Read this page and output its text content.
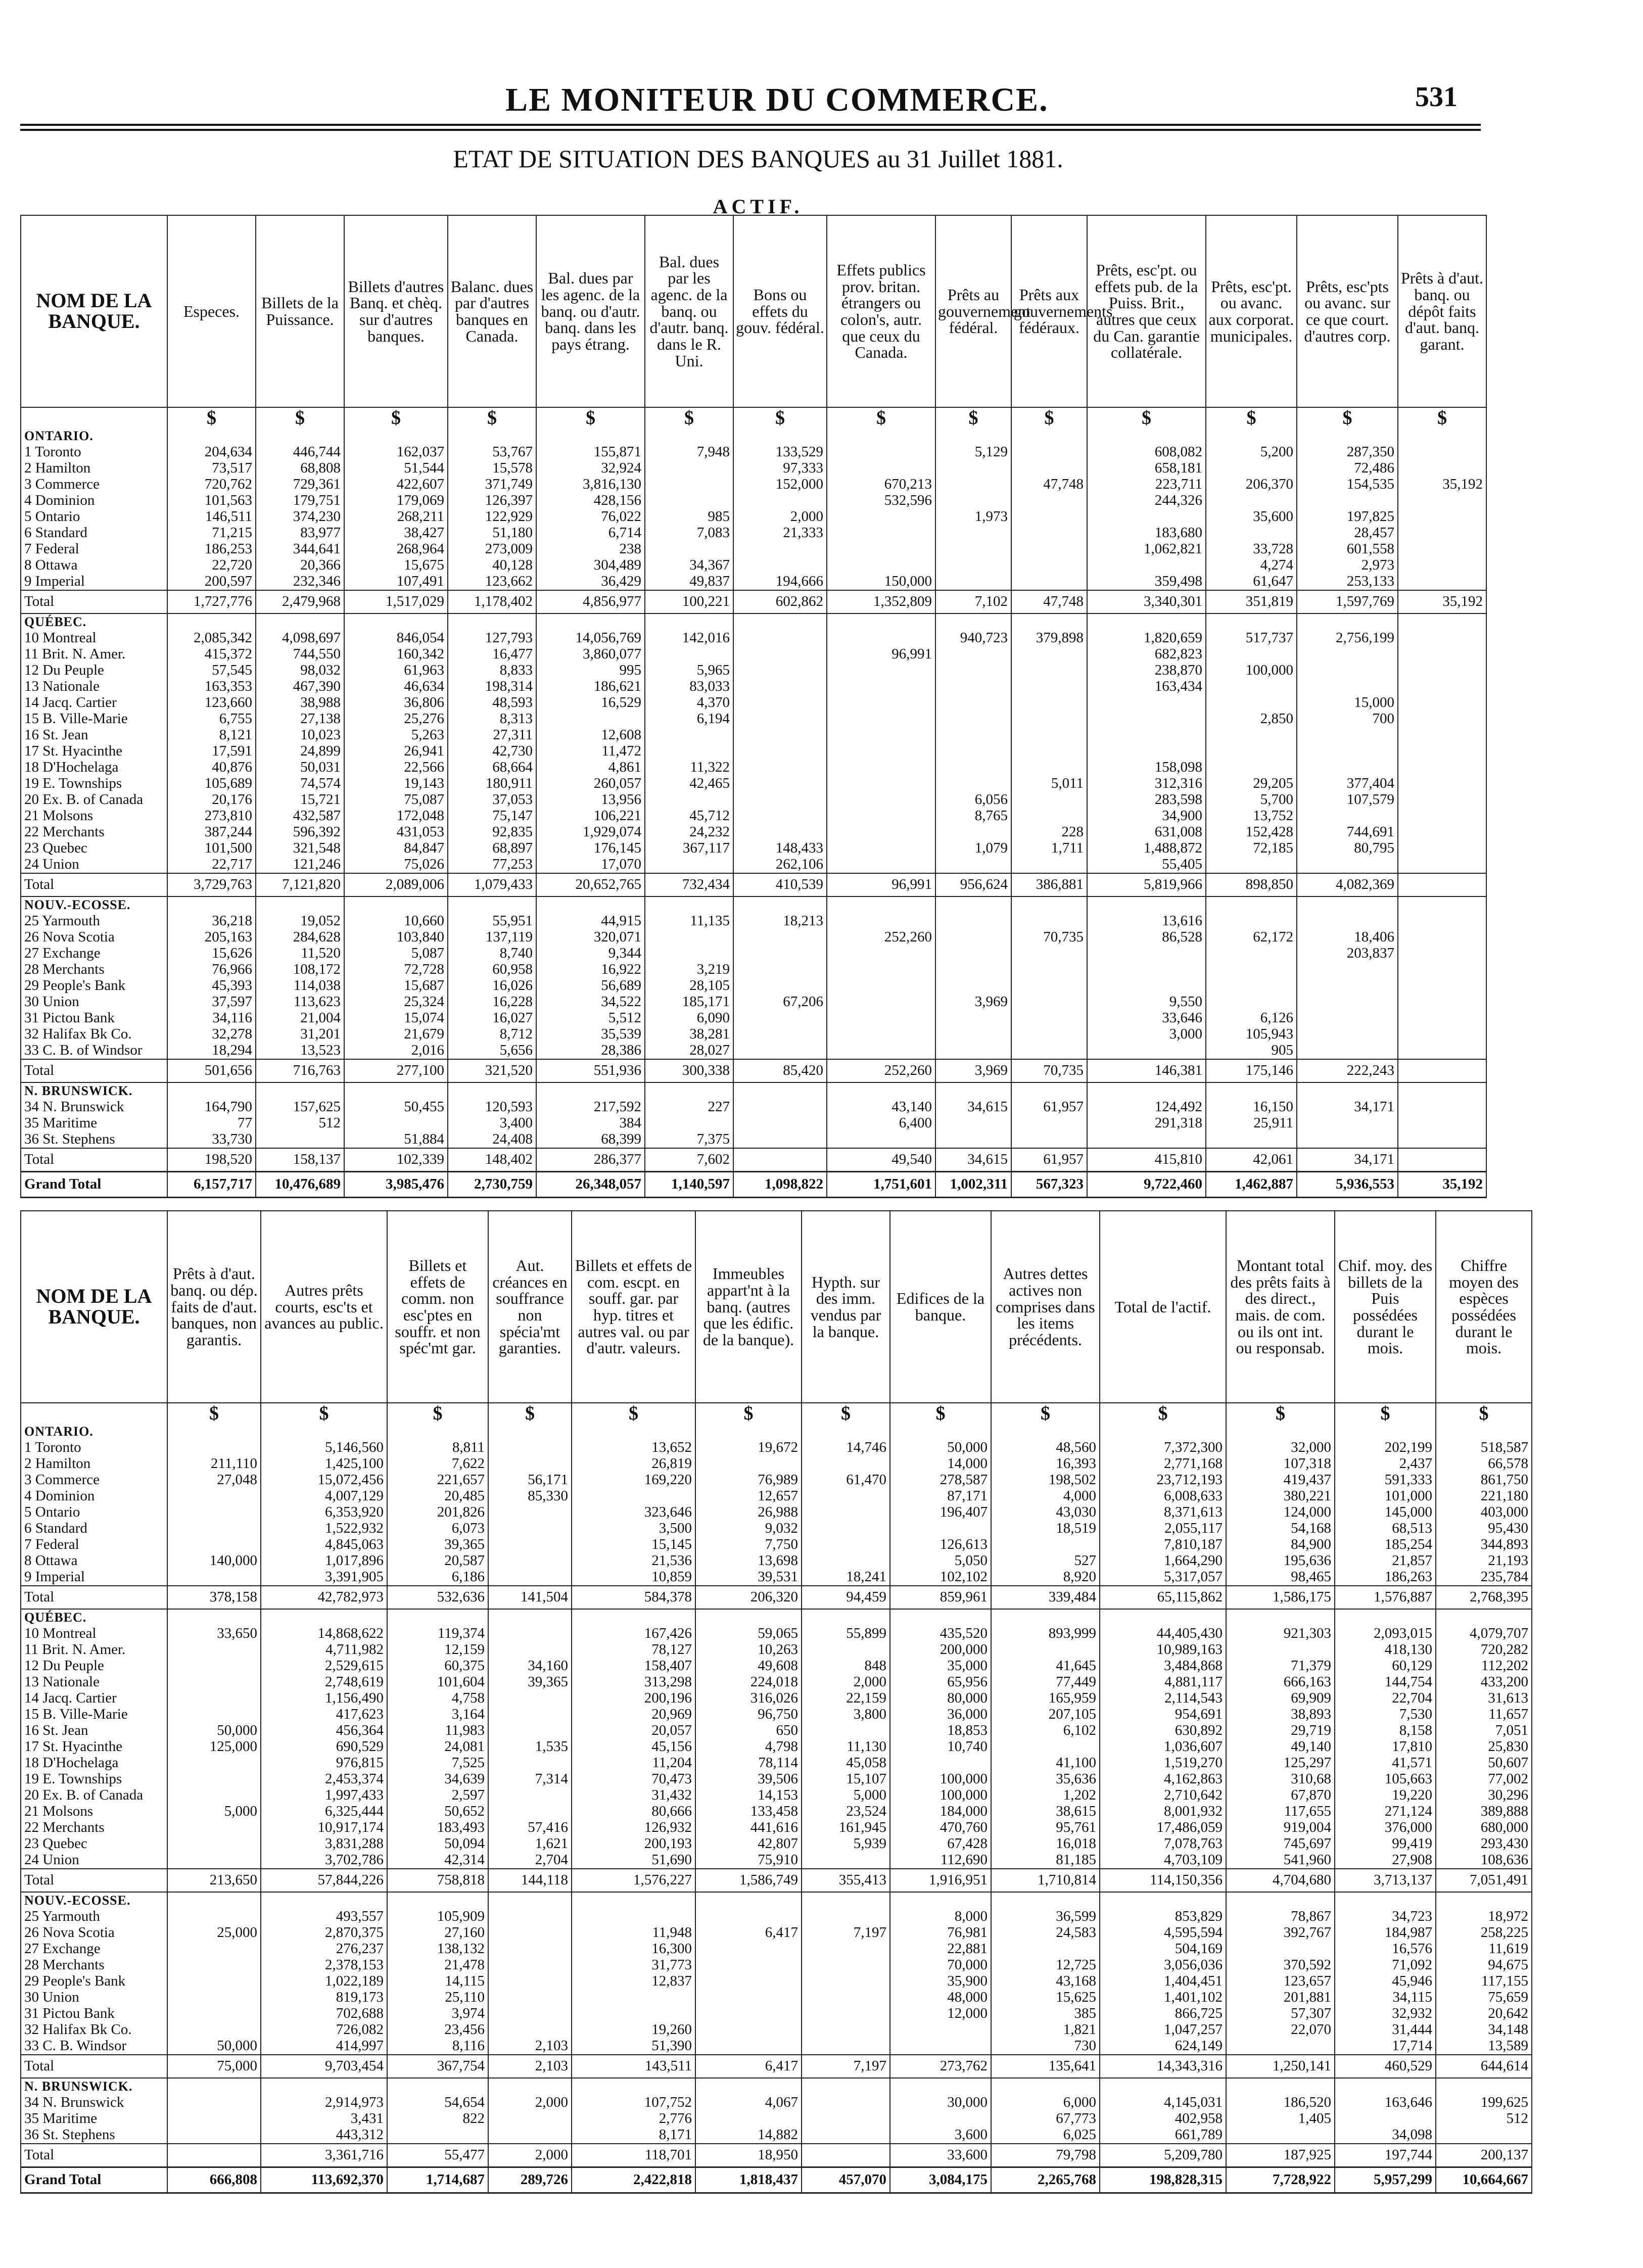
LE MONITEUR DU COMMERCE.	531
ETAT DE SITUATION DES BANQUES au 31 Juillet 1881.
ACTIF.
NOM DE LA BANQUE.	Especes.	Billets de la Puissance.	Billets d'autres Banq. et chèq. sur d'autres banques.	Balanc. dues par d'autres banques en Canada.	Bal. dues par les agenc. de la banq. ou d'autr. banq. dans les pays étrang.	Bal. dues par les agenc. de la banq. ou d'autr. banq. dans le R. Uni.	Bons ou effets du gouv. fédéral.	Effets publics prov. britan. étrangers ou colon's, autr. que ceux du Canada.	Prêts au gouvernement fédéral.	Prêts aux gouvernements fédéraux.	Prêts, esc'pt. ou effets pub. de la Puiss. Brit., autres que ceux du Can. garantie collatérale.	Prêts, esc'pt. ou avanc. aux corporat. municipales.	Prêts, esc'pts ou avanc. sur ce que court. d'autres corp.	Prêts à d'aut. banq. ou dépôt faits d'aut. banq. garant.
	$	$	$	$	$	$	$	$	$	$	$	$	$	$
ONTARIO.														
1 Toronto	204,634	446,744	162,037	53,767	155,871	7,948	133,529		5,129		608,082	5,200	287,350	
2 Hamilton	73,517	68,808	51,544	15,578	32,924		97,333				658,181		72,486	
3 Commerce	720,762	729,361	422,607	371,749	3,816,130		152,000	670,213		47,748	223,711	206,370	154,535	35,192
4 Dominion	101,563	179,751	179,069	126,397	428,156			532,596			244,326			
5 Ontario	146,511	374,230	268,211	122,929	76,022	985	2,000		1,973			35,600	197,825	
6 Standard	71,215	83,977	38,427	51,180	6,714	7,083	21,333				183,680		28,457	
7 Federal	186,253	344,641	268,964	273,009	238						1,062,821	33,728	601,558	
8 Ottawa	22,720	20,366	15,675	40,128	304,489	34,367						4,274	2,973	
9 Imperial	200,597	232,346	107,491	123,662	36,429	49,837	194,666	150,000			359,498	61,647	253,133	
Total	1,727,776	2,479,968	1,517,029	1,178,402	4,856,977	100,221	602,862	1,352,809	7,102	47,748	3,340,301	351,819	1,597,769	35,192
QUÉBEC.														
10 Montreal	2,085,342	4,098,697	846,054	127,793	14,056,769	142,016			940,723	379,898	1,820,659	517,737	2,756,199	
11 Brit. N. Amer.	415,372	744,550	160,342	16,477	3,860,077			96,991			682,823			
12 Du Peuple	57,545	98,032	61,963	8,833	995	5,965					238,870	100,000		
13 Nationale	163,353	467,390	46,634	198,314	186,621	83,033					163,434			
14 Jacq. Cartier	123,660	38,988	36,806	48,593	16,529	4,370							15,000	
15 B. Ville-Marie	6,755	27,138	25,276	8,313		6,194						2,850	700	
16 St. Jean	8,121	10,023	5,263	27,311	12,608									
17 St. Hyacinthe	17,591	24,899	26,941	42,730	11,472									
18 D'Hochelaga	40,876	50,031	22,566	68,664	4,861	11,322					158,098			
19 E. Townships	105,689	74,574	19,143	180,911	260,057	42,465				5,011	312,316	29,205	377,404	
20 Ex. B. of Canada	20,176	15,721	75,087	37,053	13,956				6,056		283,598	5,700	107,579	
21 Molsons	273,810	432,587	172,048	75,147	106,221	45,712			8,765		34,900	13,752		
22 Merchants	387,244	596,392	431,053	92,835	1,929,074	24,232				228	631,008	152,428	744,691	
23 Quebec	101,500	321,548	84,847	68,897	176,145	367,117	148,433		1,079	1,711	1,488,872	72,185	80,795	
24 Union	22,717	121,246	75,026	77,253	17,070		262,106				55,405			
Total	3,729,763	7,121,820	2,089,006	1,079,433	20,652,765	732,434	410,539	96,991	956,624	386,881	5,819,966	898,850	4,082,369	
NOUV.-ECOSSE.														
25 Yarmouth	36,218	19,052	10,660	55,951	44,915	11,135	18,213				13,616			
26 Nova Scotia	205,163	284,628	103,840	137,119	320,071			252,260		70,735	86,528	62,172	18,406	
27 Exchange	15,626	11,520	5,087	8,740	9,344								203,837	
28 Merchants	76,966	108,172	72,728	60,958	16,922	3,219								
29 People's Bank	45,393	114,038	15,687	16,026	56,689	28,105								
30 Union	37,597	113,623	25,324	16,228	34,522	185,171	67,206		3,969		9,550			
31 Pictou Bank	34,116	21,004	15,074	16,027	5,512	6,090					33,646	6,126		
32 Halifax Bk Co.	32,278	31,201	21,679	8,712	35,539	38,281					3,000	105,943		
33 C. B. of Windsor	18,294	13,523	2,016	5,656	28,386	28,027						905		
Total	501,656	716,763	277,100	321,520	551,936	300,338	85,420	252,260	3,969	70,735	146,381	175,146	222,243	
N. BRUNSWICK.														
34 N. Brunswick	164,790	157,625	50,455	120,593	217,592	227		43,140	34,615	61,957	124,492	16,150	34,171	
35 Maritime	77	512		3,400	384			6,400			291,318	25,911		
36 St. Stephens	33,730		51,884	24,408	68,399	7,375								
Total	198,520	158,137	102,339	148,402	286,377	7,602		49,540	34,615	61,957	415,810	42,061	34,171	
Grand Total	6,157,717	10,476,689	3,985,476	2,730,759	26,348,057	1,140,597	1,098,822	1,751,601	1,002,311	567,323	9,722,460	1,462,887	5,936,553	35,192
NOM DE LA BANQUE.	Prêts à d'aut. banq. ou dép. faits de d'aut. banques, non garantis.	Autres prêts courts, esc'ts et avances au public.	Billets et effets de comm. non esc'ptes en souffr. et non spéc'mt gar.	Aut. créances en souffrance non spécia'mt garanties.	Billets et effets de com. escpt. en souff. gar. par hyp. titres et autres val. ou par d'autr. valeurs.	Immeubles appart'nt à la banq. (autres que les édific. de la banque).	Hypth. sur des imm. vendus par la banque.	Edifices de la banque.	Autres dettes actives non comprises dans les items précédents.	Total de l'actif.	Montant total des prêts faits à des direct., mais. de com. ou ils ont int. ou responsab.	Chif. moy. des billets de la Puis possédées durant le mois.	Chiffre moyen des espèces possédées durant le mois.
	$	$	$	$	$	$	$	$	$	$	$	$	$
ONTARIO.													
1 Toronto		5,146,560	8,811		13,652	19,672	14,746	50,000	48,560	7,372,300	32,000	202,199	518,587
2 Hamilton	211,110	1,425,100	7,622		26,819			14,000	16,393	2,771,168	107,318	2,437	66,578
3 Commerce	27,048	15,072,456	221,657	56,171	169,220	76,989	61,470	278,587	198,502	23,712,193	419,437	591,333	861,750
4 Dominion		4,007,129	20,485	85,330		12,657		87,171	4,000	6,008,633	380,221	101,000	221,180
5 Ontario		6,353,920	201,826		323,646	26,988		196,407	43,030	8,371,613	124,000	145,000	403,000
6 Standard		1,522,932	6,073		3,500	9,032			18,519	2,055,117	54,168	68,513	95,430
7 Federal		4,845,063	39,365		15,145	7,750		126,613		7,810,187	84,900	185,254	344,893
8 Ottawa	140,000	1,017,896	20,587		21,536	13,698		5,050	527	1,664,290	195,636	21,857	21,193
9 Imperial		3,391,905	6,186		10,859	39,531	18,241	102,102	8,920	5,317,057	98,465	186,263	235,784
Total	378,158	42,782,973	532,636	141,504	584,378	206,320	94,459	859,961	339,484	65,115,862	1,586,175	1,576,887	2,768,395
QUÉBEC.													
10 Montreal	33,650	14,868,622	119,374		167,426	59,065	55,899	435,520	893,999	44,405,430	921,303	2,093,015	4,079,707
11 Brit. N. Amer.		4,711,982	12,159		78,127	10,263		200,000		10,989,163		418,130	720,282
12 Du Peuple		2,529,615	60,375	34,160	158,407	49,608	848	35,000	41,645	3,484,868	71,379	60,129	112,202
13 Nationale		2,748,619	101,604	39,365	313,298	224,018	2,000	65,956	77,449	4,881,117	666,163	144,754	433,200
14 Jacq. Cartier		1,156,490	4,758		200,196	316,026	22,159	80,000	165,959	2,114,543	69,909	22,704	31,613
15 B. Ville-Marie		417,623	3,164		20,969	96,750	3,800	36,000	207,105	954,691	38,893	7,530	11,657
16 St. Jean	50,000	456,364	11,983		20,057	650		18,853	6,102	630,892	29,719	8,158	7,051
17 St. Hyacinthe	125,000	690,529	24,081	1,535	45,156	4,798	11,130	10,740		1,036,607	49,140	17,810	25,830
18 D'Hochelaga		976,815	7,525		11,204	78,114	45,058		41,100	1,519,270	125,297	41,571	50,607
19 E. Townships		2,453,374	34,639	7,314	70,473	39,506	15,107	100,000	35,636	4,162,863	310,68	105,663	77,002
20 Ex. B. of Canada		1,997,433	2,597		31,432	14,153	5,000	100,000	1,202	2,710,642	67,870	19,220	30,296
21 Molsons	5,000	6,325,444	50,652		80,666	133,458	23,524	184,000	38,615	8,001,932	117,655	271,124	389,888
22 Merchants		10,917,174	183,493	57,416	126,932	441,616	161,945	470,760	95,761	17,486,059	919,004	376,000	680,000
23 Quebec		3,831,288	50,094	1,621	200,193	42,807	5,939	67,428	16,018	7,078,763	745,697	99,419	293,430
24 Union		3,702,786	42,314	2,704	51,690	75,910		112,690	81,185	4,703,109	541,960	27,908	108,636
Total	213,650	57,844,226	758,818	144,118	1,576,227	1,586,749	355,413	1,916,951	1,710,814	114,150,356	4,704,680	3,713,137	7,051,491
NOUV.-ECOSSE.													
25 Yarmouth		493,557	105,909					8,000	36,599	853,829	78,867	34,723	18,972
26 Nova Scotia	25,000	2,870,375	27,160		11,948	6,417	7,197	76,981	24,583	4,595,594	392,767	184,987	258,225
27 Exchange		276,237	138,132		16,300			22,881		504,169		16,576	11,619
28 Merchants		2,378,153	21,478		31,773			70,000	12,725	3,056,036	370,592	71,092	94,675
29 People's Bank		1,022,189	14,115		12,837			35,900	43,168	1,404,451	123,657	45,946	117,155
30 Union		819,173	25,110					48,000	15,625	1,401,102	201,881	34,115	75,659
31 Pictou Bank		702,688	3,974					12,000	385	866,725	57,307	32,932	20,642
32 Halifax Bk Co.		726,082	23,456		19,260				1,821	1,047,257	22,070	31,444	34,148
33 C. B. Windsor	50,000	414,997	8,116	2,103	51,390				730	624,149		17,714	13,589
Total	75,000	9,703,454	367,754	2,103	143,511	6,417	7,197	273,762	135,641	14,343,316	1,250,141	460,529	644,614
N. BRUNSWICK.													
34 N. Brunswick		2,914,973	54,654	2,000	107,752	4,067		30,000	6,000	4,145,031	186,520	163,646	199,625
35 Maritime		3,431	822		2,776				67,773	402,958	1,405		512
36 St. Stephens		443,312			8,171	14,882		3,600	6,025	661,789		34,098	
Total		3,361,716	55,477	2,000	118,701	18,950		33,600	79,798	5,209,780	187,925	197,744	200,137
Grand Total	666,808	113,692,370	1,714,687	289,726	2,422,818	1,818,437	457,070	3,084,175	2,265,768	198,828,315	7,728,922	5,957,299	10,664,667
